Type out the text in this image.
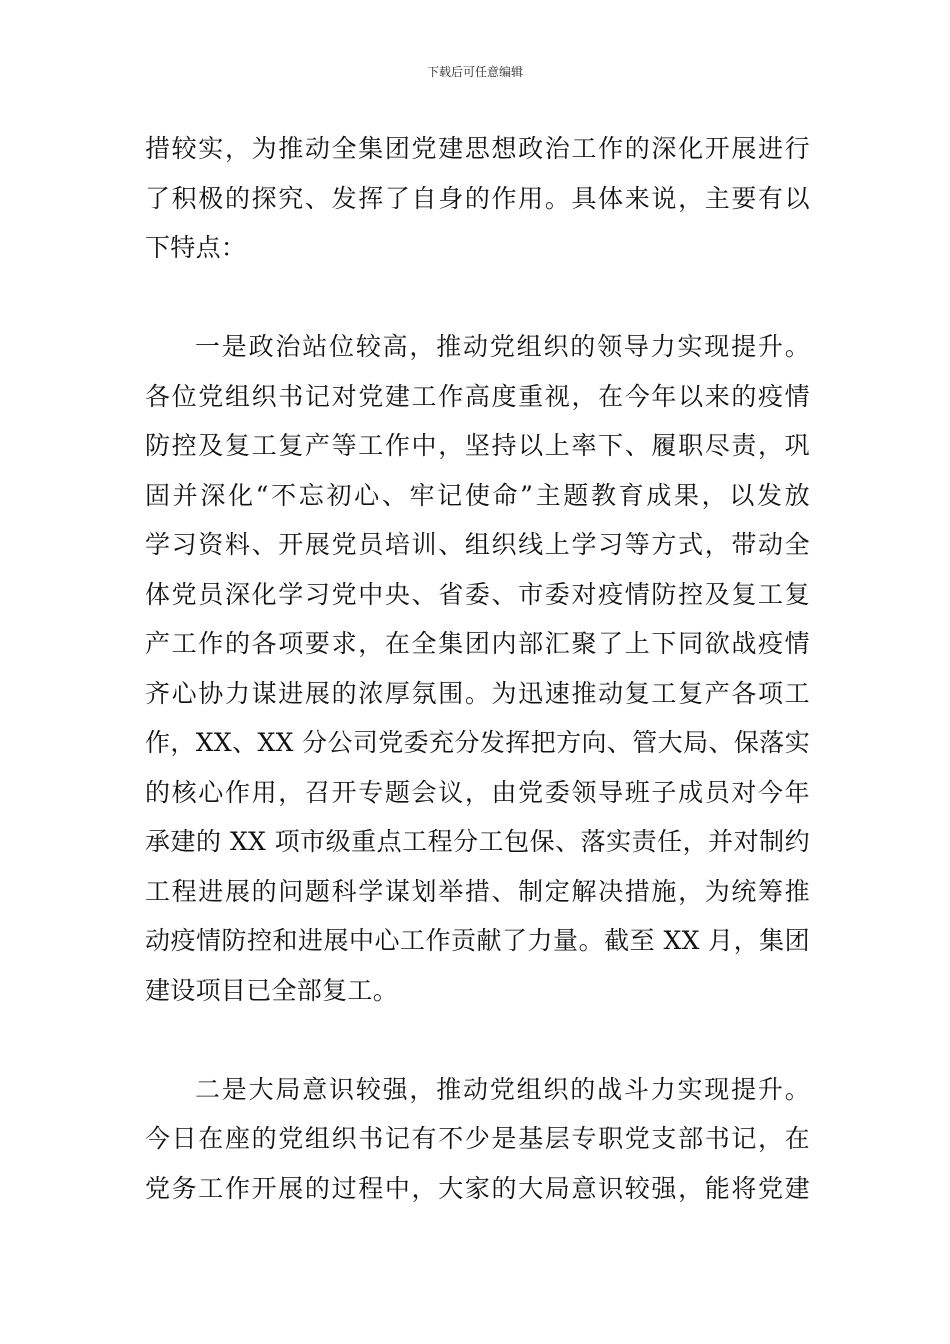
下载后可任意编辑
措较实，为推动全集团党建思想政治工作的深化开展进行
了积极的探究、发挥了自身的作用。具体来说，主要有以
下特点：
一是政治站位较高，推动党组织的领导力实现提升。
各位党组织书记对党建工作高度重视，在今年以来的疫情
防控及复工复产等工作中，坚持以上率下、履职尽责，巩
固并深化“不忘初心、牢记使命”主题教育成果，以发放
学习资料、开展党员培训、组织线上学习等方式，带动全
体党员深化学习党中央、省委、市委对疫情防控及复工复
产工作的各项要求，在全集团内部汇聚了上下同欲战疫情
齐心协力谋进展的浓厚氛围。为迅速推动复工复产各项工
作，XX、XX 分公司党委充分发挥把方向、管大局、保落实
的核心作用，召开专题会议，由党委领导班子成员对今年
承建的 XX 项市级重点工程分工包保、落实责任，并对制约
工程进展的问题科学谋划举措、制定解决措施，为统筹推
动疫情防控和进展中心工作贡献了力量。截至 XX 月，集团
建设项目已全部复工。
二是大局意识较强，推动党组织的战斗力实现提升。
今日在座的党组织书记有不少是基层专职党支部书记，在
党务工作开展的过程中，大家的大局意识较强，能将党建
